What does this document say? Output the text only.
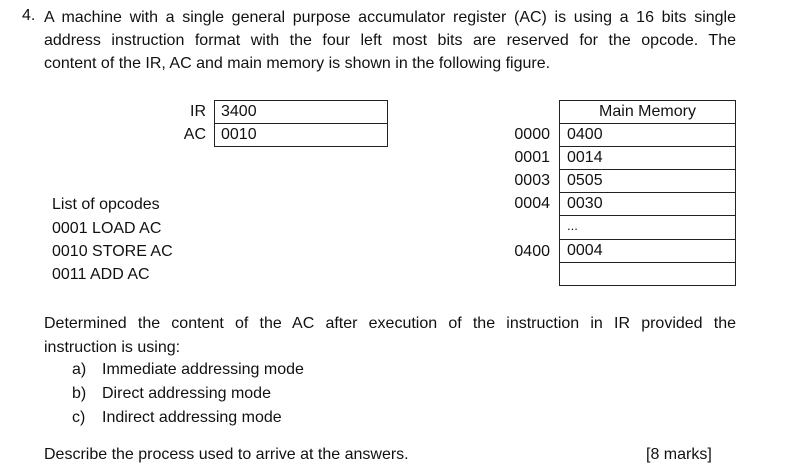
4. A machine with a single general purpose accumulator register (AC) is using a 16 bits single
address instruction format with the four left most bits are reserved for the opcode. The
content of the IR, AC and main memory is shown in the following figure.
IR 3400
AC 0010
Main Memory
0000	0400
0001	0014
0003	0505
0004	0030
...
0400	0004
List of opcodes
0001 LOAD AC
0010 STORE AC
0011 ADD AC
Determined the content of the AC after execution of the instruction in IR provided the
instruction is using:
a) Immediate addressing mode
b) Direct addressing mode
c) Indirect addressing mode
Describe the process used to arrive at the answers.	[8 marks]
